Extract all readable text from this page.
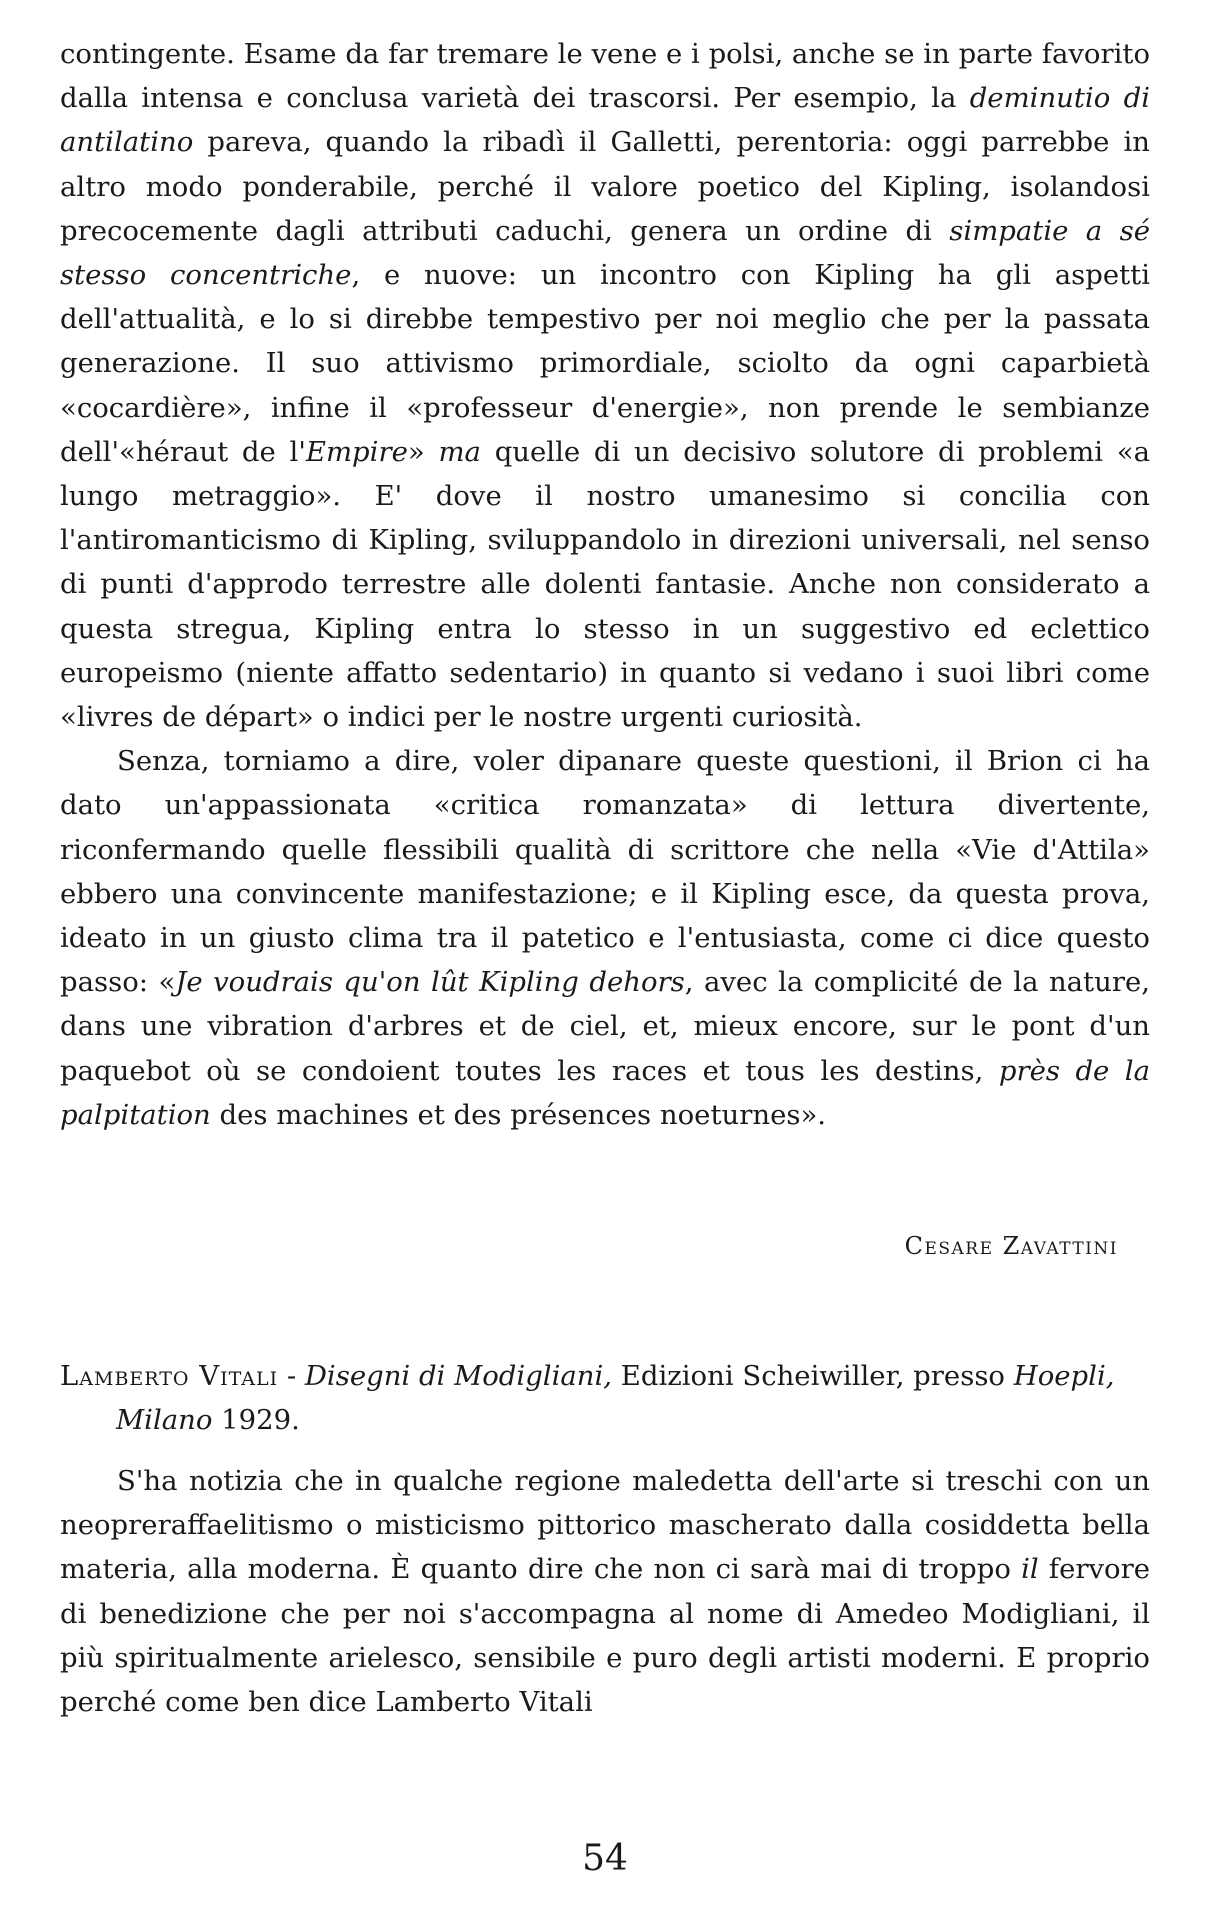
contingente. Esame da far tremare le vene e i polsi, anche se in parte favorito dalla intensa e conclusa varietà dei trascorsi. Per esempio, la deminutio di antilatino pareva, quando la ribadì il Galletti, perentoria: oggi parrebbe in altro modo ponderabile, perché il valore poetico del Kipling, isolandosi precocemente dagli attributi caduchi, genera un ordine di simpatie a sé stesso concentriche, e nuove: un incontro con Kipling ha gli aspetti dell'attualità, e lo si direbbe tempestivo per noi meglio che per la passata generazione. Il suo attivismo primordiale, sciolto da ogni caparbietà «cocardière», infine il «professeur d'energie», non prende le sembianze dell'«héraut de l'Empire» ma quelle di un decisivo solutore di problemi «a lungo metraggio». E' dove il nostro umanesimo si concilia con l'antiromanticismo di Kipling, sviluppandolo in direzioni universali, nel senso di punti d'approdo terrestre alle dolenti fantasie. Anche non considerato a questa stregua, Kipling entra lo stesso in un suggestivo ed eclettico europeismo (niente affatto sedentario) in quanto si vedano i suoi libri come «livres de départ» o indici per le nostre urgenti curiosità.

Senza, torniamo a dire, voler dipanare queste questioni, il Brion ci ha dato un'appassionata «critica romanzata» di lettura divertente, riconfermando quelle flessibili qualità di scrittore che nella «Vie d'Attila» ebbero una convincente manifestazione; e il Kipling esce, da questa prova, ideato in un giusto clima tra il patetico e l'entusiasta, come ci dice questo passo: «Je voudrais qu'on lût Kipling dehors, avec la complicité de la nature, dans une vibration d'arbres et de ciel, et, mieux encore, sur le pont d'un paquebot où se condoient toutes les races et tous les destins, près de la palpitation des machines et des présences noeturnes».

Cesare Zavattini
Lamberto Vitali - Disegni di Modigliani, Edizioni Scheiwiller, presso Hoepli, Milano 1929.

S'ha notizia che in qualche regione maledetta dell'arte si treschi con un neopreraffaelitismo o misticismo pittorico mascherato dalla cosiddetta bella materia, alla moderna. È quanto dire che non ci sarà mai di troppo il fervore di benedizione che per noi s'accompagna al nome di Amedeo Modigliani, il più spiritualmente arielesco, sensibile e puro degli artisti moderni. E proprio perché come ben dice Lamberto Vitali

54
